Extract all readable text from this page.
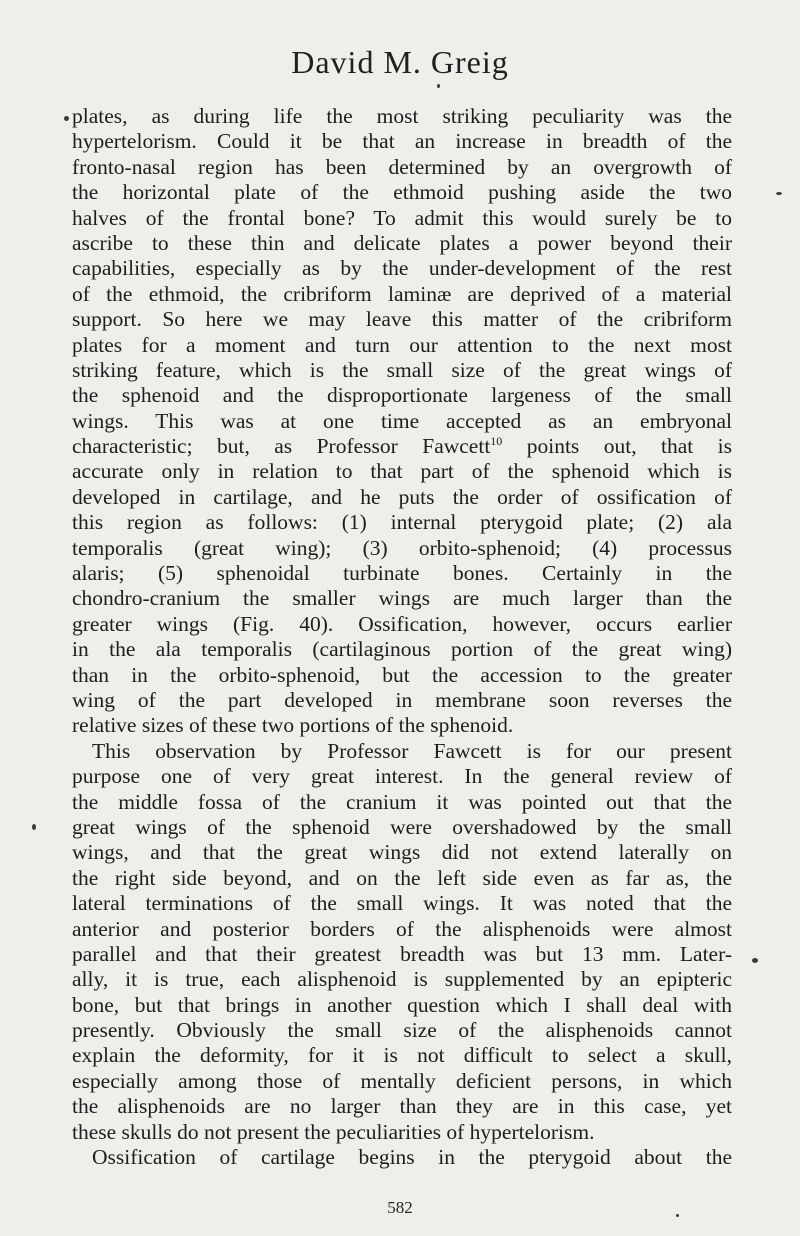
David M. Greig
plates, as during life the most striking peculiarity was the
hypertelorism. Could it be that an increase in breadth of the
fronto-nasal region has been determined by an overgrowth of
the horizontal plate of the ethmoid pushing aside the two
halves of the frontal bone? To admit this would surely be to
ascribe to these thin and delicate plates a power beyond their
capabilities, especially as by the under-development of the rest
of the ethmoid, the cribriform laminæ are deprived of a material
support. So here we may leave this matter of the cribriform
plates for a moment and turn our attention to the next most
striking feature, which is the small size of the great wings of
the sphenoid and the disproportionate largeness of the small
wings. This was at one time accepted as an embryonal
characteristic; but, as Professor Fawcett$^{10}$ points out, that is
accurate only in relation to that part of the sphenoid which is
developed in cartilage, and he puts the order of ossification of
this region as follows: (1) internal pterygoid plate; (2) ala
temporalis (great wing); (3) orbito-sphenoid; (4) processus
alaris; (5) sphenoidal turbinate bones. Certainly in the
chondro-cranium the smaller wings are much larger than the
greater wings (Fig. 40). Ossification, however, occurs earlier
in the ala temporalis (cartilaginous portion of the great wing)
than in the orbito-sphenoid, but the accession to the greater
wing of the part developed in membrane soon reverses the
relative sizes of these two portions of the sphenoid.
This observation by Professor Fawcett is for our present
purpose one of very great interest. In the general review of
the middle fossa of the cranium it was pointed out that the
great wings of the sphenoid were overshadowed by the small
wings, and that the great wings did not extend laterally on
the right side beyond, and on the left side even as far as, the
lateral terminations of the small wings. It was noted that the
anterior and posterior borders of the alisphenoids were almost
parallel and that their greatest breadth was but 13 mm. Later-
ally, it is true, each alisphenoid is supplemented by an epipteric
bone, but that brings in another question which I shall deal with
presently. Obviously the small size of the alisphenoids cannot
explain the deformity, for it is not difficult to select a skull,
especially among those of mentally deficient persons, in which
the alisphenoids are no larger than they are in this case, yet
these skulls do not present the peculiarities of hypertelorism.
Ossification of cartilage begins in the pterygoid about the
582
